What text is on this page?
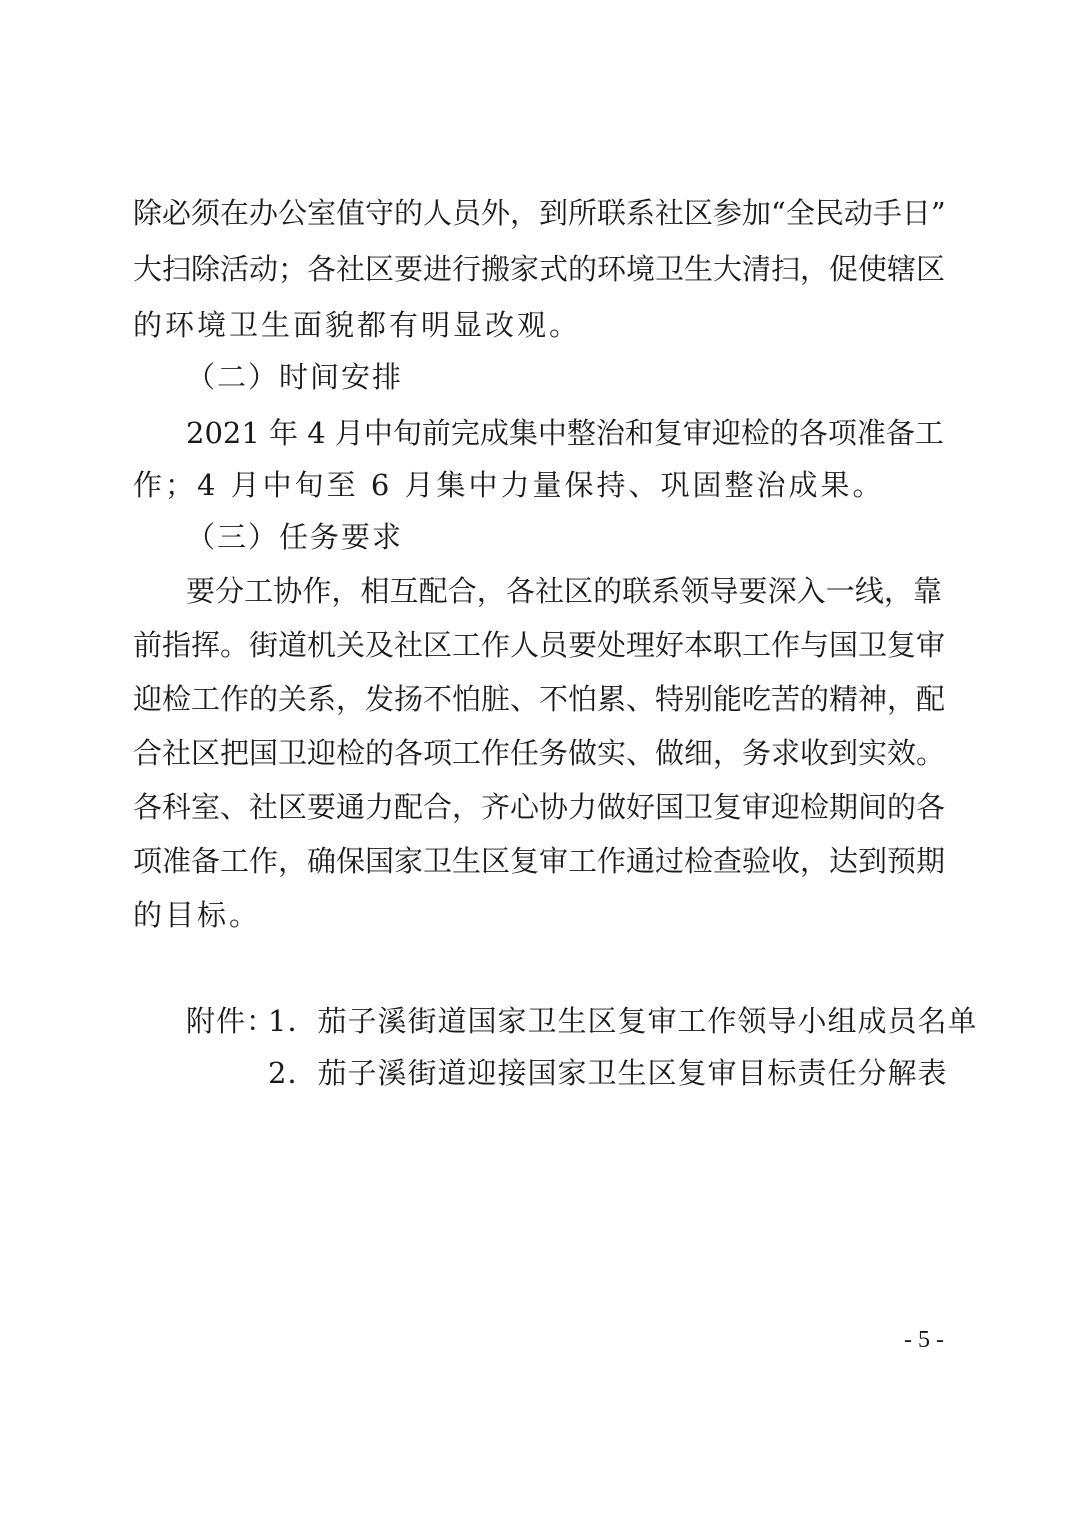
除必须在办公室值守的人员外，到所联系社区参加“全民动手日”
大扫除活动；各社区要进行搬家式的环境卫生大清扫，促使辖区
的环境卫生面貌都有明显改观。
（二）时间安排
2021 年 4 月中旬前完成集中整治和复审迎检的各项准备工
作；4 月中旬至 6 月集中力量保持、巩固整治成果。
（三）任务要求
要分工协作，相互配合，各社区的联系领导要深入一线，靠
前指挥。街道机关及社区工作人员要处理好本职工作与国卫复审
迎检工作的关系，发扬不怕脏、不怕累、特别能吃苦的精神，配
合社区把国卫迎检的各项工作任务做实、做细，务求收到实效。
各科室、社区要通力配合，齐心协力做好国卫复审迎检期间的各
项准备工作，确保国家卫生区复审工作通过检查验收，达到预期
的目标。
附件：
1．茄子溪街道国家卫生区复审工作领导小组成员名单
2．茄子溪街道迎接国家卫生区复审目标责任分解表
- 5 -
